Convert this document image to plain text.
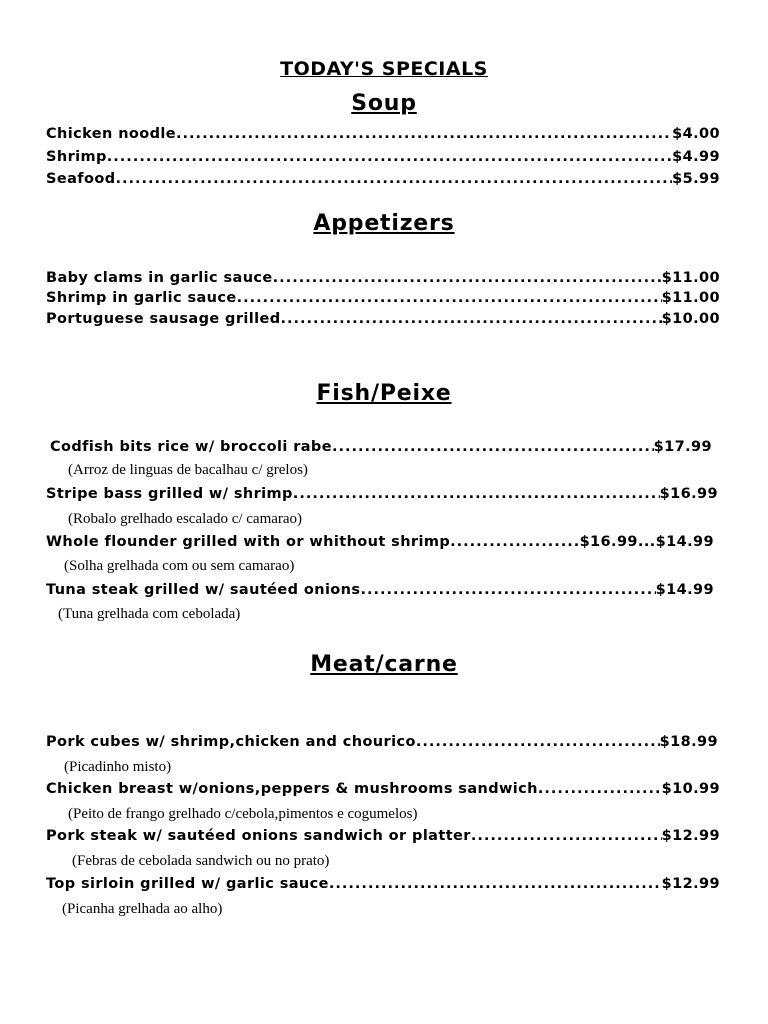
TODAY'S SPECIALS
Soup
Chicken noodle .....	$4.00
Shrimp .....	$4.99
Seafood .....	$5.99
Appetizers
Baby clams in garlic sauce .....	$11.00
Shrimp in garlic sauce .....	$11.00
Portuguese sausage grilled .....	$10.00
Fish/Peixe
Codfish bits rice w/ broccoli rabe .....	$17.99
(Arroz de linguas de bacalhau c/ grelos)
Stripe bass grilled w/ shrimp .....	$16.99
(Robalo grelhado escalado c/ camarao)
Whole flounder grilled with or whithout shrimp .....	$16.99...$14.99
(Solha grelhada com ou sem camarao)
Tuna steak grilled w/ sautéed onions .....	$14.99
(Tuna grelhada com cebolada)
Meat/carne
Pork cubes w/ shrimp,chicken and chourico .....	$18.99
(Picadinho misto)
Chicken breast w/onions,peppers & mushrooms sandwich .....	$10.99
(Peito de frango grelhado c/cebola,pimentos e cogumelos)
Pork steak w/ sautéed onions sandwich or platter .....	$12.99
(Febras de cebolada sandwich ou no prato)
Top sirloin grilled w/ garlic sauce .....	$12.99
(Picanha grelhada ao alho)
